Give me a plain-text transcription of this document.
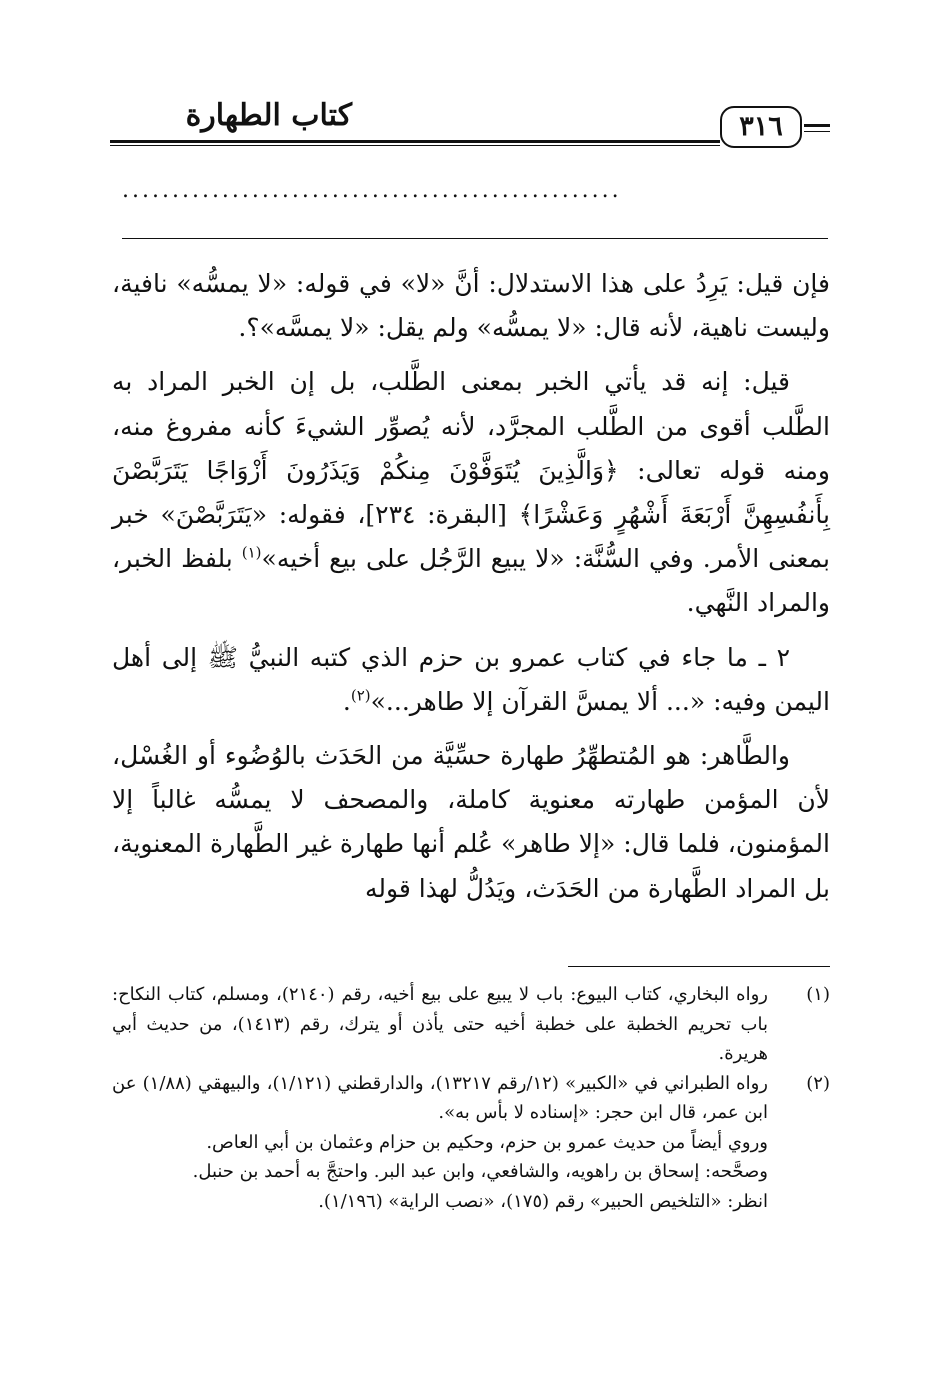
كتاب الطهارة	٣١٦
..................................................

فإن قيل: يَرِدُ على هذا الاستدلال: أنَّ «لا» في قوله: «لا يمسُّه» نافية، وليست ناهية، لأنه قال: «لا يمسُّه» ولم يقل: «لا يمسَّه»؟.

قيل: إنه قد يأتي الخبر بمعنى الطَّلب، بل إن الخبر المراد به الطَّلب أقوى من الطَّلب المجرَّد، لأنه يُصوِّر الشيءَ كأنه مفروغ منه، ومنه قوله تعالى: ﴿وَالَّذِينَ يُتَوَفَّوْنَ مِنكُمْ وَيَذَرُونَ أَزْوَاجًا يَتَرَبَّصْنَ بِأَنفُسِهِنَّ أَرْبَعَةَ أَشْهُرٍ وَعَشْرًا﴾ [البقرة: ٢٣٤]، فقوله: «يَتَرَبَّصْنَ» خبر بمعنى الأمر. وفي السُّنَّة: «لا يبيع الرَّجُل على بيع أخيه»$^{(١)}$ بلفظ الخبر، والمراد النَّهي.

٢ ـ ما جاء في كتاب عمرو بن حزم الذي كتبه النبيُّ ﷺ إلى أهل اليمن وفيه: «... ألا يمسَّ القرآن إلا طاهر...»$^{(٢)}$.

والطَّاهر: هو المُتطهِّرُ طهارة حسِّيَّة من الحَدَث بالوُضُوء أو الغُسْل، لأن المؤمن طهارته معنوية كاملة، والمصحف لا يمسُّه غالباً إلا المؤمنون، فلما قال: «إلا طاهر» عُلم أنها طهارة غير الطَّهارة المعنوية، بل المراد الطَّهارة من الحَدَث، ويَدُلُّ لهذا قوله

(١)

رواه البخاري، كتاب البيوع: باب لا يبيع على بيع أخيه، رقم (٢١٤٠)، ومسلم، كتاب النكاح: باب تحريم الخطبة على خطبة أخيه حتى يأذن أو يترك، رقم (١٤١٣)، من حديث أبي هريرة.

(٢)

رواه الطبراني في «الكبير» (١٢/رقم ١٣٢١٧)، والدارقطني (١/١٢١)، والبيهقي (١/٨٨) عن ابن عمر، قال ابن حجر: «إسناده لا بأس به».

وروي أيضاً من حديث عمرو بن حزم، وحكيم بن حزام وعثمان بن أبي العاص.

وصحَّحه: إسحاق بن راهويه، والشافعي، وابن عبد البر. واحتجَّ به أحمد بن حنبل.

انظر: «التلخيص الحبير» رقم (١٧٥)، «نصب الراية» (١/١٩٦).
